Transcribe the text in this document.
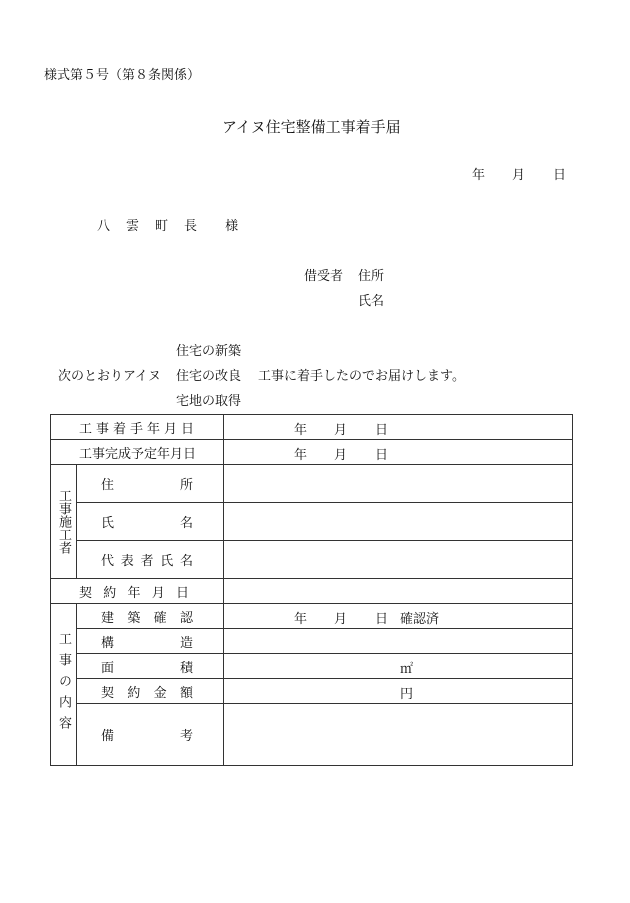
様式第５号（第８条関係）
アイヌ住宅整備工事着手届
年 月 日
八 雲 町 長 様
借受者 住所
氏名
住宅の新築
次のとおりアイヌ 住宅の改良 工事に着手したのでお届けします。
宅地の取得
工事着手年月日		年 月 日

工事完成予定年月日		年 月 日

工事施工者	住 所	

	氏 名	

	代 表 者 氏 名	

契 約 年 月 日		

工事の内容	建 築 確 認	年 月 日 確認済

	構 造	

	面 積	㎡

	契 約 金 額	円

	備 考	
